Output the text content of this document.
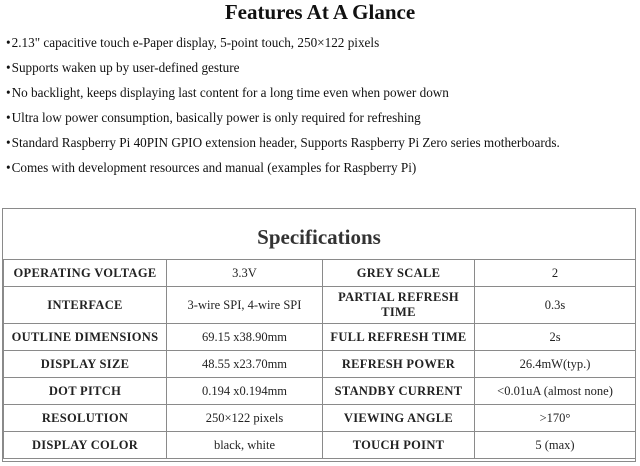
Features At A Glance
•2.13" capacitive touch e-Paper display, 5-point touch, 250×122 pixels
•Supports waken up by user-defined gesture
•No backlight, keeps displaying last content for a long time even when power down
•Ultra low power consumption, basically power is only required for refreshing
•Standard Raspberry Pi 40PIN GPIO extension header, Supports Raspberry Pi Zero series motherboards.
•Comes with development resources and manual (examples for Raspberry Pi)
Specifications
OPERATING VOLTAGE	3.3V	GREY SCALE	2
INTERFACE	3-wire SPI, 4-wire SPI	PARTIAL REFRESH TIME	0.3s
OUTLINE DIMENSIONS	69.15 x38.90mm	FULL REFRESH TIME	2s
DISPLAY SIZE	48.55 x23.70mm	REFRESH POWER	26.4mW(typ.)
DOT PITCH	0.194 x0.194mm	STANDBY CURRENT	<0.01uA (almost none)
RESOLUTION	250×122 pixels	VIEWING ANGLE	>170°
DISPLAY COLOR	black, white	TOUCH POINT	5 (max)
